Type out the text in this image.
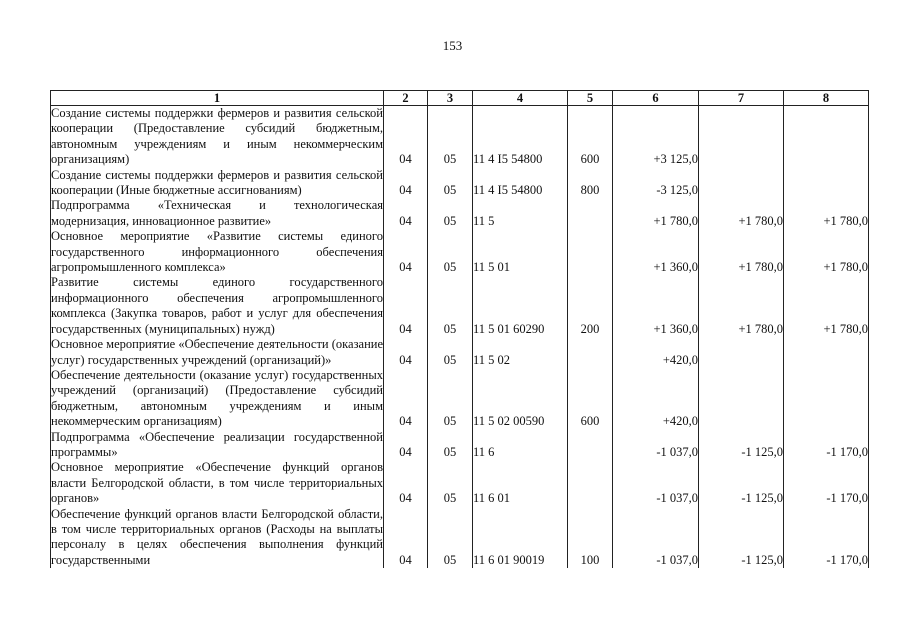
153
1	2	3	4	5	6	7	8
Создание системы поддержки фермеров и развития сельской кооперации (Предоставление субсидий бюджетным, автономным учреждениям и иным некоммерческим организациям)	04	05	11 4 I5 54800	600	+3 125,0		
Создание системы поддержки фермеров и развития сельской кооперации (Иные бюджетные ассигнованиям)	04	05	11 4 I5 54800	800	-3 125,0		
Подпрограмма «Техническая и технологическая модернизация, инновационное развитие»	04	05	11 5		+1 780,0	+1 780,0	+1 780,0
Основное мероприятие «Развитие системы единого государственного информационного обеспечения агропромышленного комплекса»	04	05	11 5 01		+1 360,0	+1 780,0	+1 780,0
Развитие системы единого государственного информационного обеспечения агропромышленного комплекса (Закупка товаров, работ и услуг для обеспечения государственных (муниципальных) нужд)	04	05	11 5 01 60290	200	+1 360,0	+1 780,0	+1 780,0
Основное мероприятие «Обеспечение деятельности (оказание услуг) государственных учреждений (организаций)»	04	05	11 5 02		+420,0		
Обеспечение деятельности (оказание услуг) государственных учреждений (организаций) (Предоставление субсидий бюджетным, автономным учреждениям и иным некоммерческим организациям)	04	05	11 5 02 00590	600	+420,0		
Подпрограмма «Обеспечение реализации государственной программы»	04	05	11 6		-1 037,0	-1 125,0	-1 170,0
Основное мероприятие «Обеспечение функций органов власти Белгородской области, в том числе территориальных органов»	04	05	11 6 01		-1 037,0	-1 125,0	-1 170,0
Обеспечение функций органов власти Белгородской области, в том числе территориальных органов (Расходы на выплаты персоналу в целях обеспечения выполнения функций государственными	04	05	11 6 01 90019	100	-1 037,0	-1 125,0	-1 170,0
